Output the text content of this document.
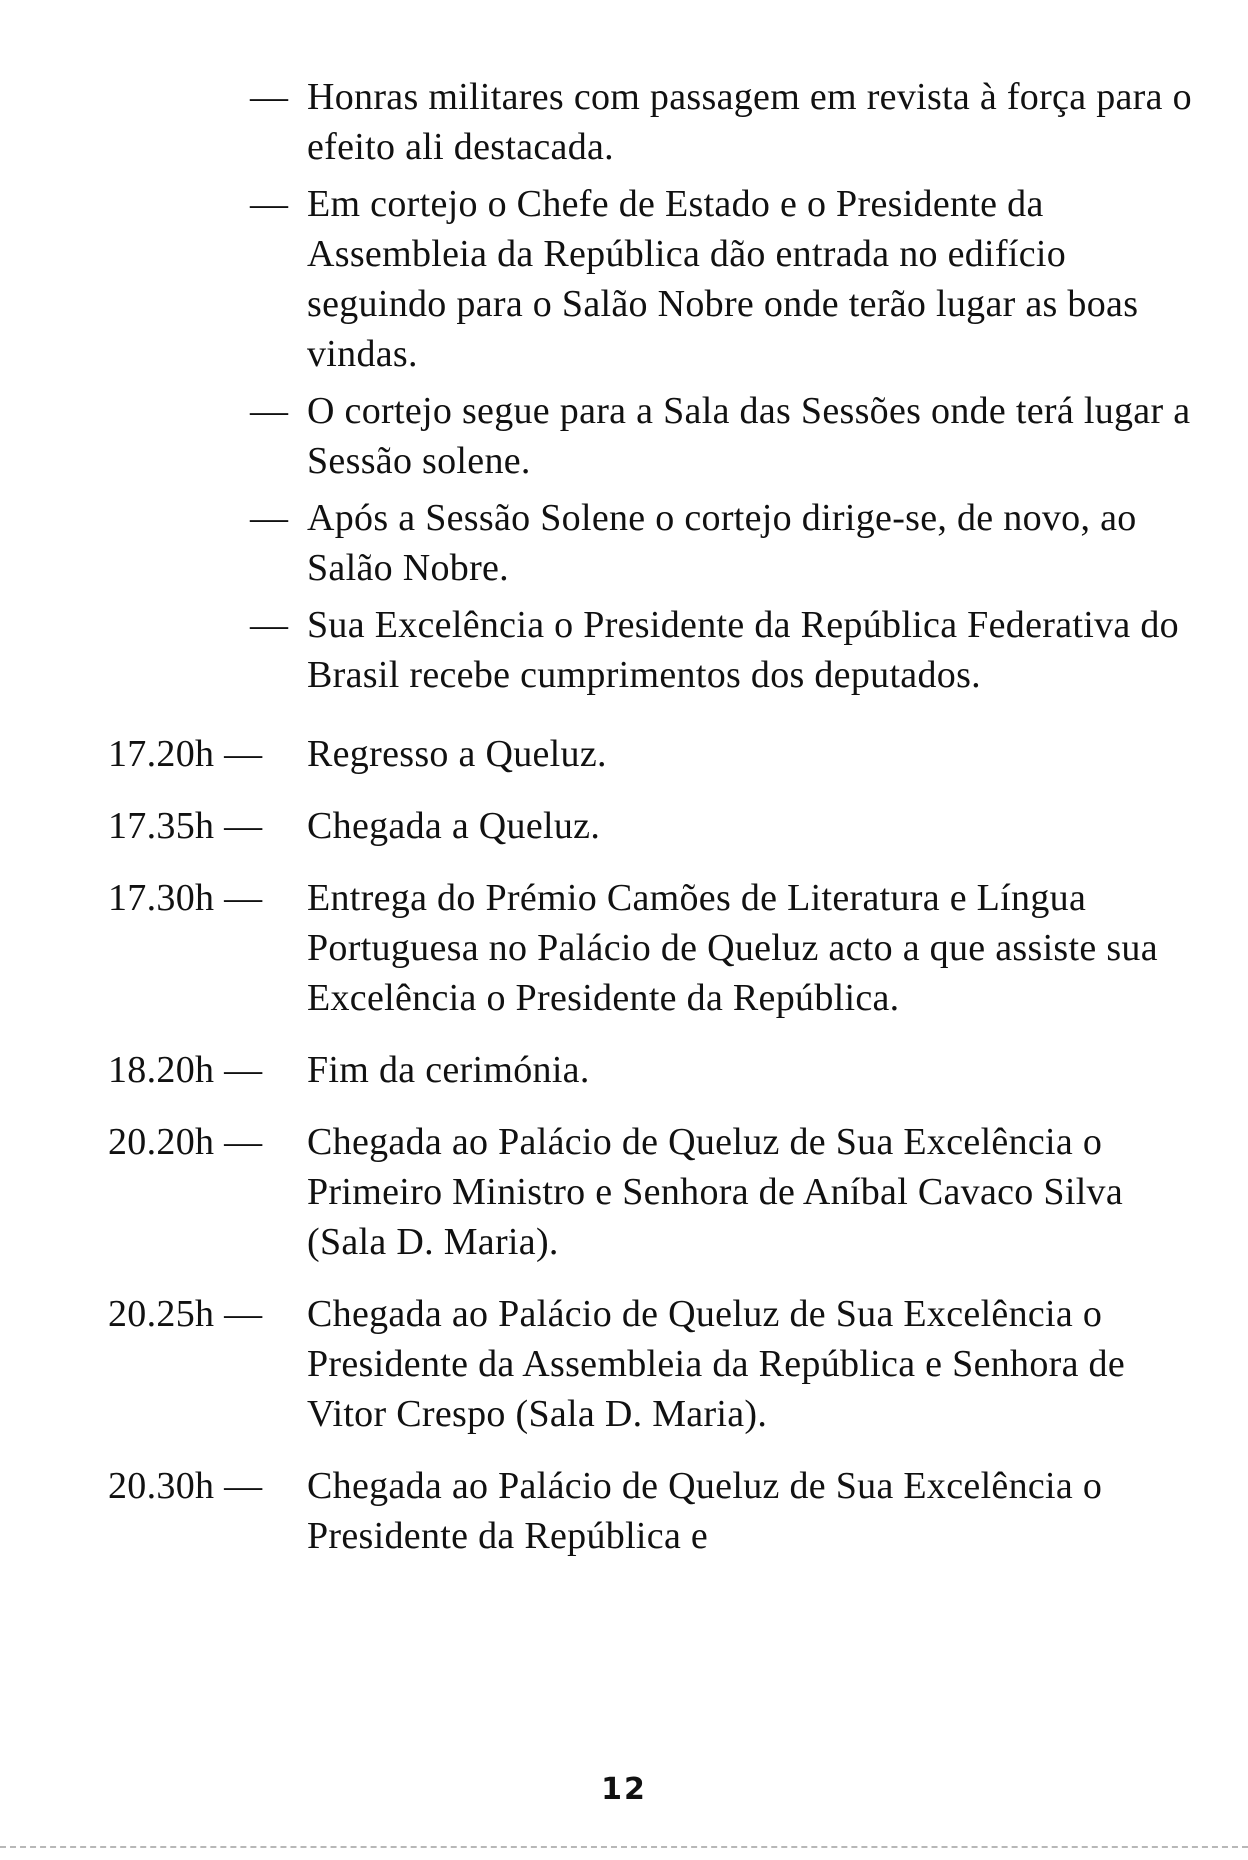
— Honras militares com passagem em revista à força para o efeito ali destacada.
— Em cortejo o Chefe de Estado e o Presidente da Assembleia da República dão entrada no edifício seguindo para o Salão Nobre onde terão lugar as boas vindas.
— O cortejo segue para a Sala das Sessões onde terá lugar a Sessão solene.
— Após a Sessão Solene o cortejo dirige-se, de novo, ao Salão Nobre.
— Sua Excelência o Presidente da República Federativa do Brasil recebe cumprimentos dos deputados.
17.20h —	Regresso a Queluz.
17.35h —	Chegada a Queluz.
17.30h —	Entrega do Prémio Camões de Literatura e Língua Portuguesa no Palácio de Queluz acto a que assiste sua Excelência o Presidente da República.
18.20h —	Fim da cerimónia.
20.20h —	Chegada ao Palácio de Queluz de Sua Excelência o Primeiro Ministro e Senhora de Aníbal Cavaco Silva (Sala D. Maria).
20.25h —	Chegada ao Palácio de Queluz de Sua Excelência o Presidente da Assembleia da República e Senhora de Vitor Crespo (Sala D. Maria).
20.30h —	Chegada ao Palácio de Queluz de Sua Excelência o Presidente da República e
12
